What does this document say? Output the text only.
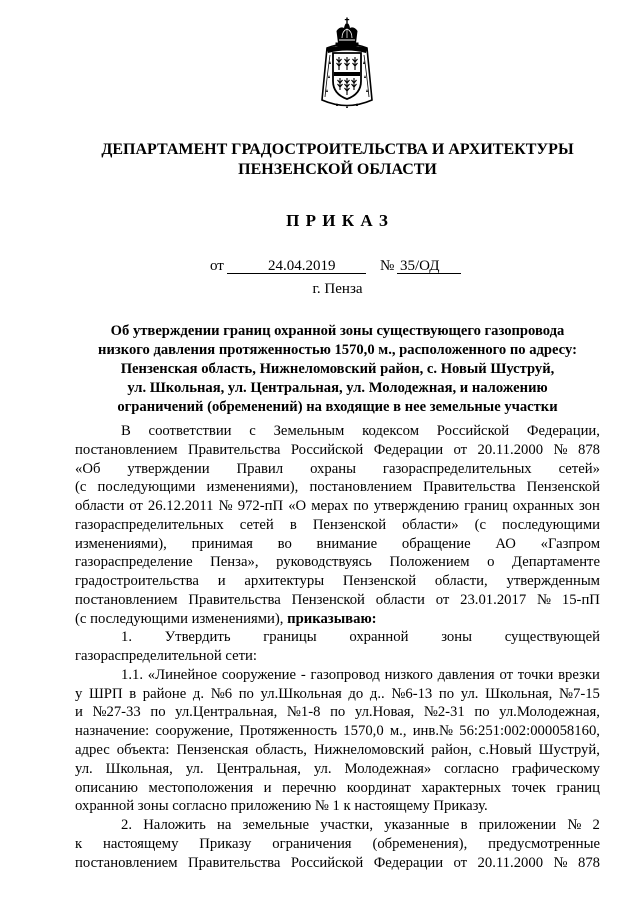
ДЕПАРТАМЕНТ ГРАДОСТРОИТЕЛЬСТВА И АРХИТЕКТУРЫ
ПЕНЗЕНСКОЙ ОБЛАСТИ
П Р И К А З
от	24.04.2019	№ 35/ОД
г. Пенза
Об утверждении границ охранной зоны существующего газопровода
низкого давления протяженностью 1570,0 м., расположенного по адресу:
Пензенская область, Нижнеломовский район, с. Новый Шуструй,
ул. Школьная, ул. Центральная, ул. Молодежная, и наложению
ограничений (обременений) на входящие в нее земельные участки
В соответствии с Земельным кодексом Российской Федерации,
постановлением Правительства Российской Федерации от 20.11.2000 № 878
«Об утверждении Правил охраны газораспределительных сетей»
(с последующими изменениями), постановлением Правительства Пензенской
области от 26.12.2011 № 972-пП «О мерах по утверждению границ охранных зон
газораспределительных сетей в Пензенской области» (с последующими
изменениями), принимая во внимание обращение АО «Газпром
газораспределение Пенза», руководствуясь Положением о Департаменте
градостроительства и архитектуры Пензенской области, утвержденным
постановлением Правительства Пензенской области от 23.01.2017 № 15-пП
(с последующими изменениями), приказываю:
1. Утвердить границы охранной зоны существующей
газораспределительной сети:
1.1. «Линейное сооружение - газопровод низкого давления от точки врезки
у ШРП в районе д. №6 по ул.Школьная до д.. №6-13 по ул. Школьная, №7-15
и №27-33 по ул.Центральная, №1-8 по ул.Новая, №2-31 по ул.Молодежная,
назначение: сооружение, Протяженность 1570,0 м., инв.№ 56:251:002:000058160,
адрес объекта: Пензенская область, Нижнеломовский район, с.Новый Шуструй,
ул. Школьная, ул. Центральная, ул. Молодежная» согласно графическому
описанию местоположения и перечню координат характерных точек границ
охранной зоны согласно приложению № 1 к настоящему Приказу.
2. Наложить на земельные участки, указанные в приложении № 2
к настоящему Приказу ограничения (обременения), предусмотренные
постановлением Правительства Российской Федерации от 20.11.2000 № 878
